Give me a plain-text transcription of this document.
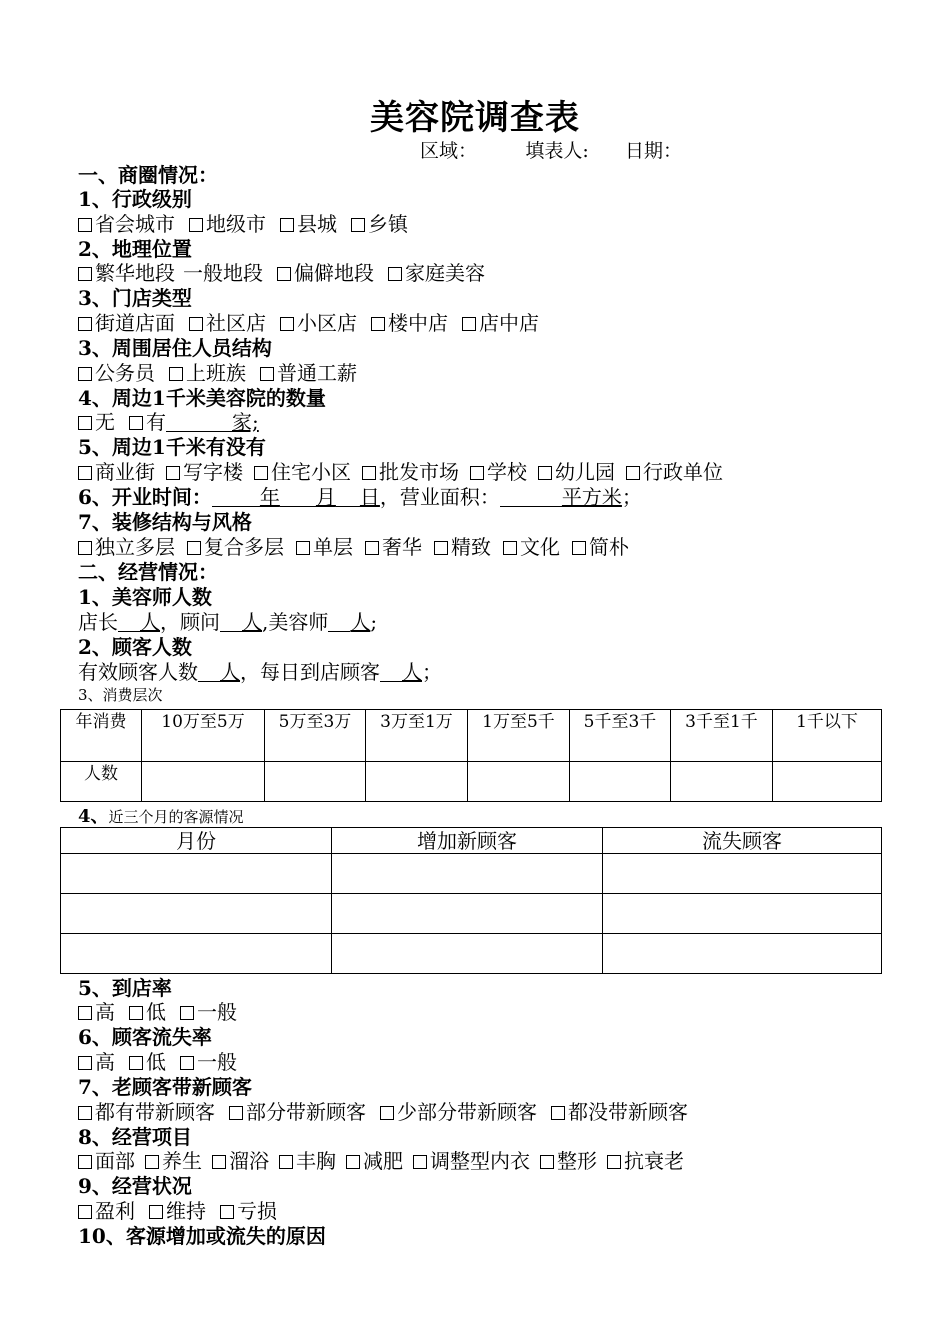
美容院调查表
区域：	填表人: 日期：
一、商圈情况：
1、行政级别
省会城市 地级市 县城 乡镇
2、地理位置
繁华地段 一般地段 偏僻地段 家庭美容
3、门店类型
街道店面 社区店 小区店 楼中店 店中店
3、周围居住人员结构
公务员 上班族 普通工薪
4、周边1千米美容院的数量
无 有	家;
5、周边1千米有没有
商业街 写字楼 住宅小区 批发市场 学校 幼儿园 行政单位
6、开业时间： 年 月 日，营业面积：	平方米；
7、装修结构与风格
独立多层 复合多层 单层 奢华 精致 文化 简朴
二、经营情况：
1、美容师人数
店长 人，顾问 人,美容师 人;
2、顾客人数
有效顾客人数 人，每日到店顾客 人；
3、消费层次
年消费	10万至5万	5万至3万	3万至1万	1万至5千	5千至3千	3千至1千	1千以下
人数							
4、近三个月的客源情况
月份	增加新顾客	流失顾客

5、到店率
高 低 一般
6、顾客流失率
高 低 一般
7、老顾客带新顾客
都有带新顾客 部分带新顾客 少部分带新顾客 都没带新顾客
8、经营项目
面部 养生 溜浴 丰胸 减肥 调整型内衣 整形 抗衰老
9、经营状况
盈利 维持 亏损
10、客源增加或流失的原因
